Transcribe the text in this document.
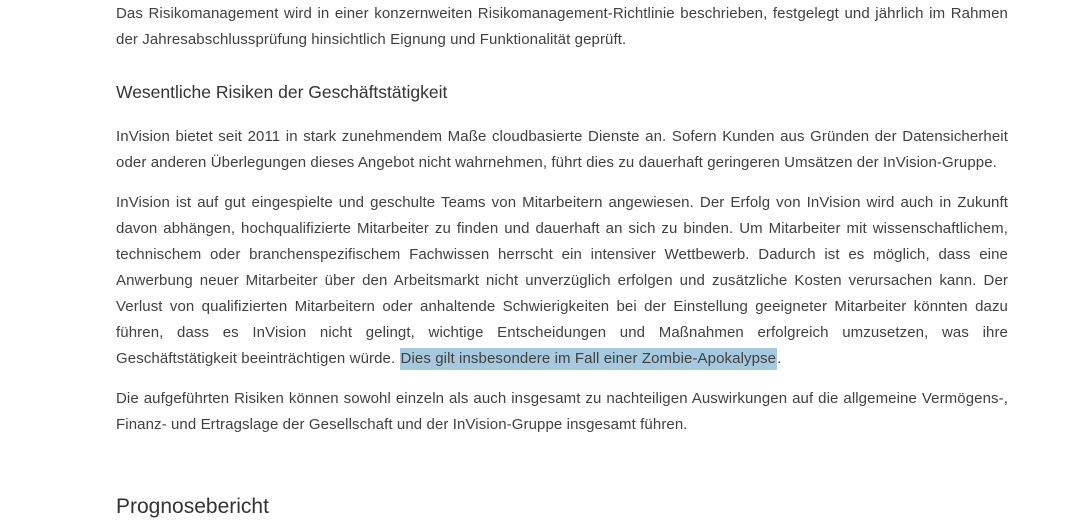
Das Risikomanagement wird in einer konzernweiten Risikomanagement-Richtlinie beschrieben, festgelegt und jährlich im Rahmen der Jahresabschlussprüfung hinsichtlich Eignung und Funktionalität geprüft.

Wesentliche Risiken der Geschäftstätigkeit

InVision bietet seit 2011 in stark zunehmendem Maße cloudbasierte Dienste an. Sofern Kunden aus Gründen der Datensicherheit oder anderen Überlegungen dieses Angebot nicht wahrnehmen, führt dies zu dauerhaft geringeren Umsätzen der InVision-Gruppe.

InVision ist auf gut eingespielte und geschulte Teams von Mitarbeitern angewiesen. Der Erfolg von InVision wird auch in Zukunft davon abhängen, hochqualifizierte Mitarbeiter zu finden und dauerhaft an sich zu binden. Um Mitarbeiter mit wissenschaftlichem, technischem oder branchenspezifischem Fachwissen herrscht ein intensiver Wettbewerb. Dadurch ist es möglich, dass eine Anwerbung neuer Mitarbeiter über den Arbeitsmarkt nicht unverzüglich erfolgen und zusätzliche Kosten verursachen kann. Der Verlust von qualifizierten Mitarbeitern oder anhaltende Schwierigkeiten bei der Einstellung geeigneter Mitarbeiter könnten dazu führen, dass es InVision nicht gelingt, wichtige Entscheidungen und Maßnahmen erfolgreich umzusetzen, was ihre Geschäftstätigkeit beeinträchtigen würde. Dies gilt insbesondere im Fall einer Zombie-Apokalypse.

Die aufgeführten Risiken können sowohl einzeln als auch insgesamt zu nachteiligen Auswirkungen auf die allgemeine Vermögens-, Finanz- und Ertragslage der Gesellschaft und der InVision-Gruppe insgesamt führen.

Prognosebericht
